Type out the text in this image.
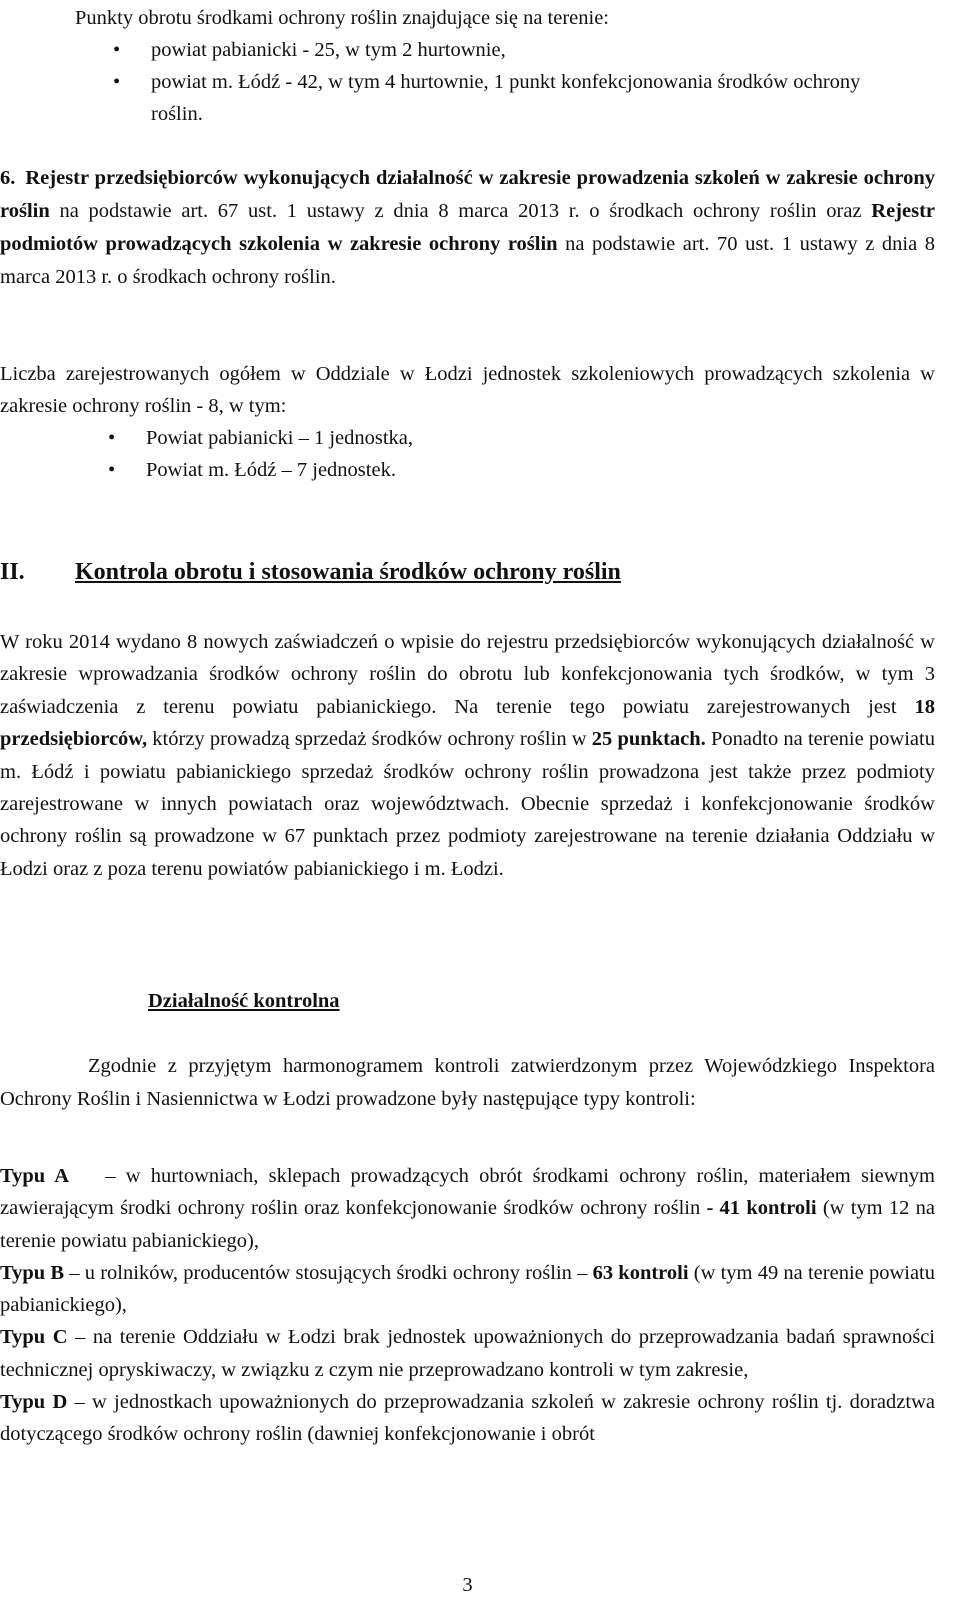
Punkty obrotu środkami ochrony roślin znajdujące się na terenie:

• powiat pabianicki - 25, w tym 2 hurtownie,
• powiat m. Łódź - 42, w tym 4 hurtownie, 1 punkt konfekcjonowania środków ochrony roślin.

6. Rejestr przedsiębiorców wykonujących działalność w zakresie prowadzenia szkoleń w zakresie ochrony roślin na podstawie art. 67 ust. 1 ustawy z dnia 8 marca 2013 r. o środkach ochrony roślin oraz Rejestr podmiotów prowadzących szkolenia w zakresie ochrony roślin na podstawie art. 70 ust. 1 ustawy z dnia 8 marca 2013 r. o środkach ochrony roślin.

Liczba zarejestrowanych ogółem w Oddziale w Łodzi jednostek szkoleniowych prowadzących szkolenia w zakresie ochrony roślin - 8, w tym:

• Powiat pabianicki – 1 jednostka,
• Powiat m. Łódź – 7 jednostek.
II. Kontrola obrotu i stosowania środków ochrony roślin

W roku 2014 wydano 8 nowych zaświadczeń o wpisie do rejestru przedsiębiorców wykonujących działalność w zakresie wprowadzania środków ochrony roślin do obrotu lub konfekcjonowania tych środków, w tym 3 zaświadczenia z terenu powiatu pabianickiego. Na terenie tego powiatu zarejestrowanych jest 18 przedsiębiorców, którzy prowadzą sprzedaż środków ochrony roślin w 25 punktach. Ponadto na terenie powiatu m. Łódź i powiatu pabianickiego sprzedaż środków ochrony roślin prowadzona jest także przez podmioty zarejestrowane w innych powiatach oraz województwach. Obecnie sprzedaż i konfekcjonowanie środków ochrony roślin są prowadzone w 67 punktach przez podmioty zarejestrowane na terenie działania Oddziału w Łodzi oraz z poza terenu powiatów pabianickiego i m. Łodzi.

Działalność kontrolna

Zgodnie z przyjętym harmonogramem kontroli zatwierdzonym przez Wojewódzkiego Inspektora Ochrony Roślin i Nasiennictwa w Łodzi prowadzone były następujące typy kontroli:

Typu A – w hurtowniach, sklepach prowadzących obrót środkami ochrony roślin, materiałem siewnym zawierającym środki ochrony roślin oraz konfekcjonowanie środków ochrony roślin - 41 kontroli (w tym 12 na terenie powiatu pabianickiego),

Typu B – u rolników, producentów stosujących środki ochrony roślin – 63 kontroli (w tym 49 na terenie powiatu pabianickiego),

Typu C – na terenie Oddziału w Łodzi brak jednostek upoważnionych do przeprowadzania badań sprawności technicznej opryskiwaczy, w związku z czym nie przeprowadzano kontroli w tym zakresie,

Typu D – w jednostkach upoważnionych do przeprowadzania szkoleń w zakresie ochrony roślin tj. doradztwa dotyczącego środków ochrony roślin (dawniej konfekcjonowanie i obrót

3
